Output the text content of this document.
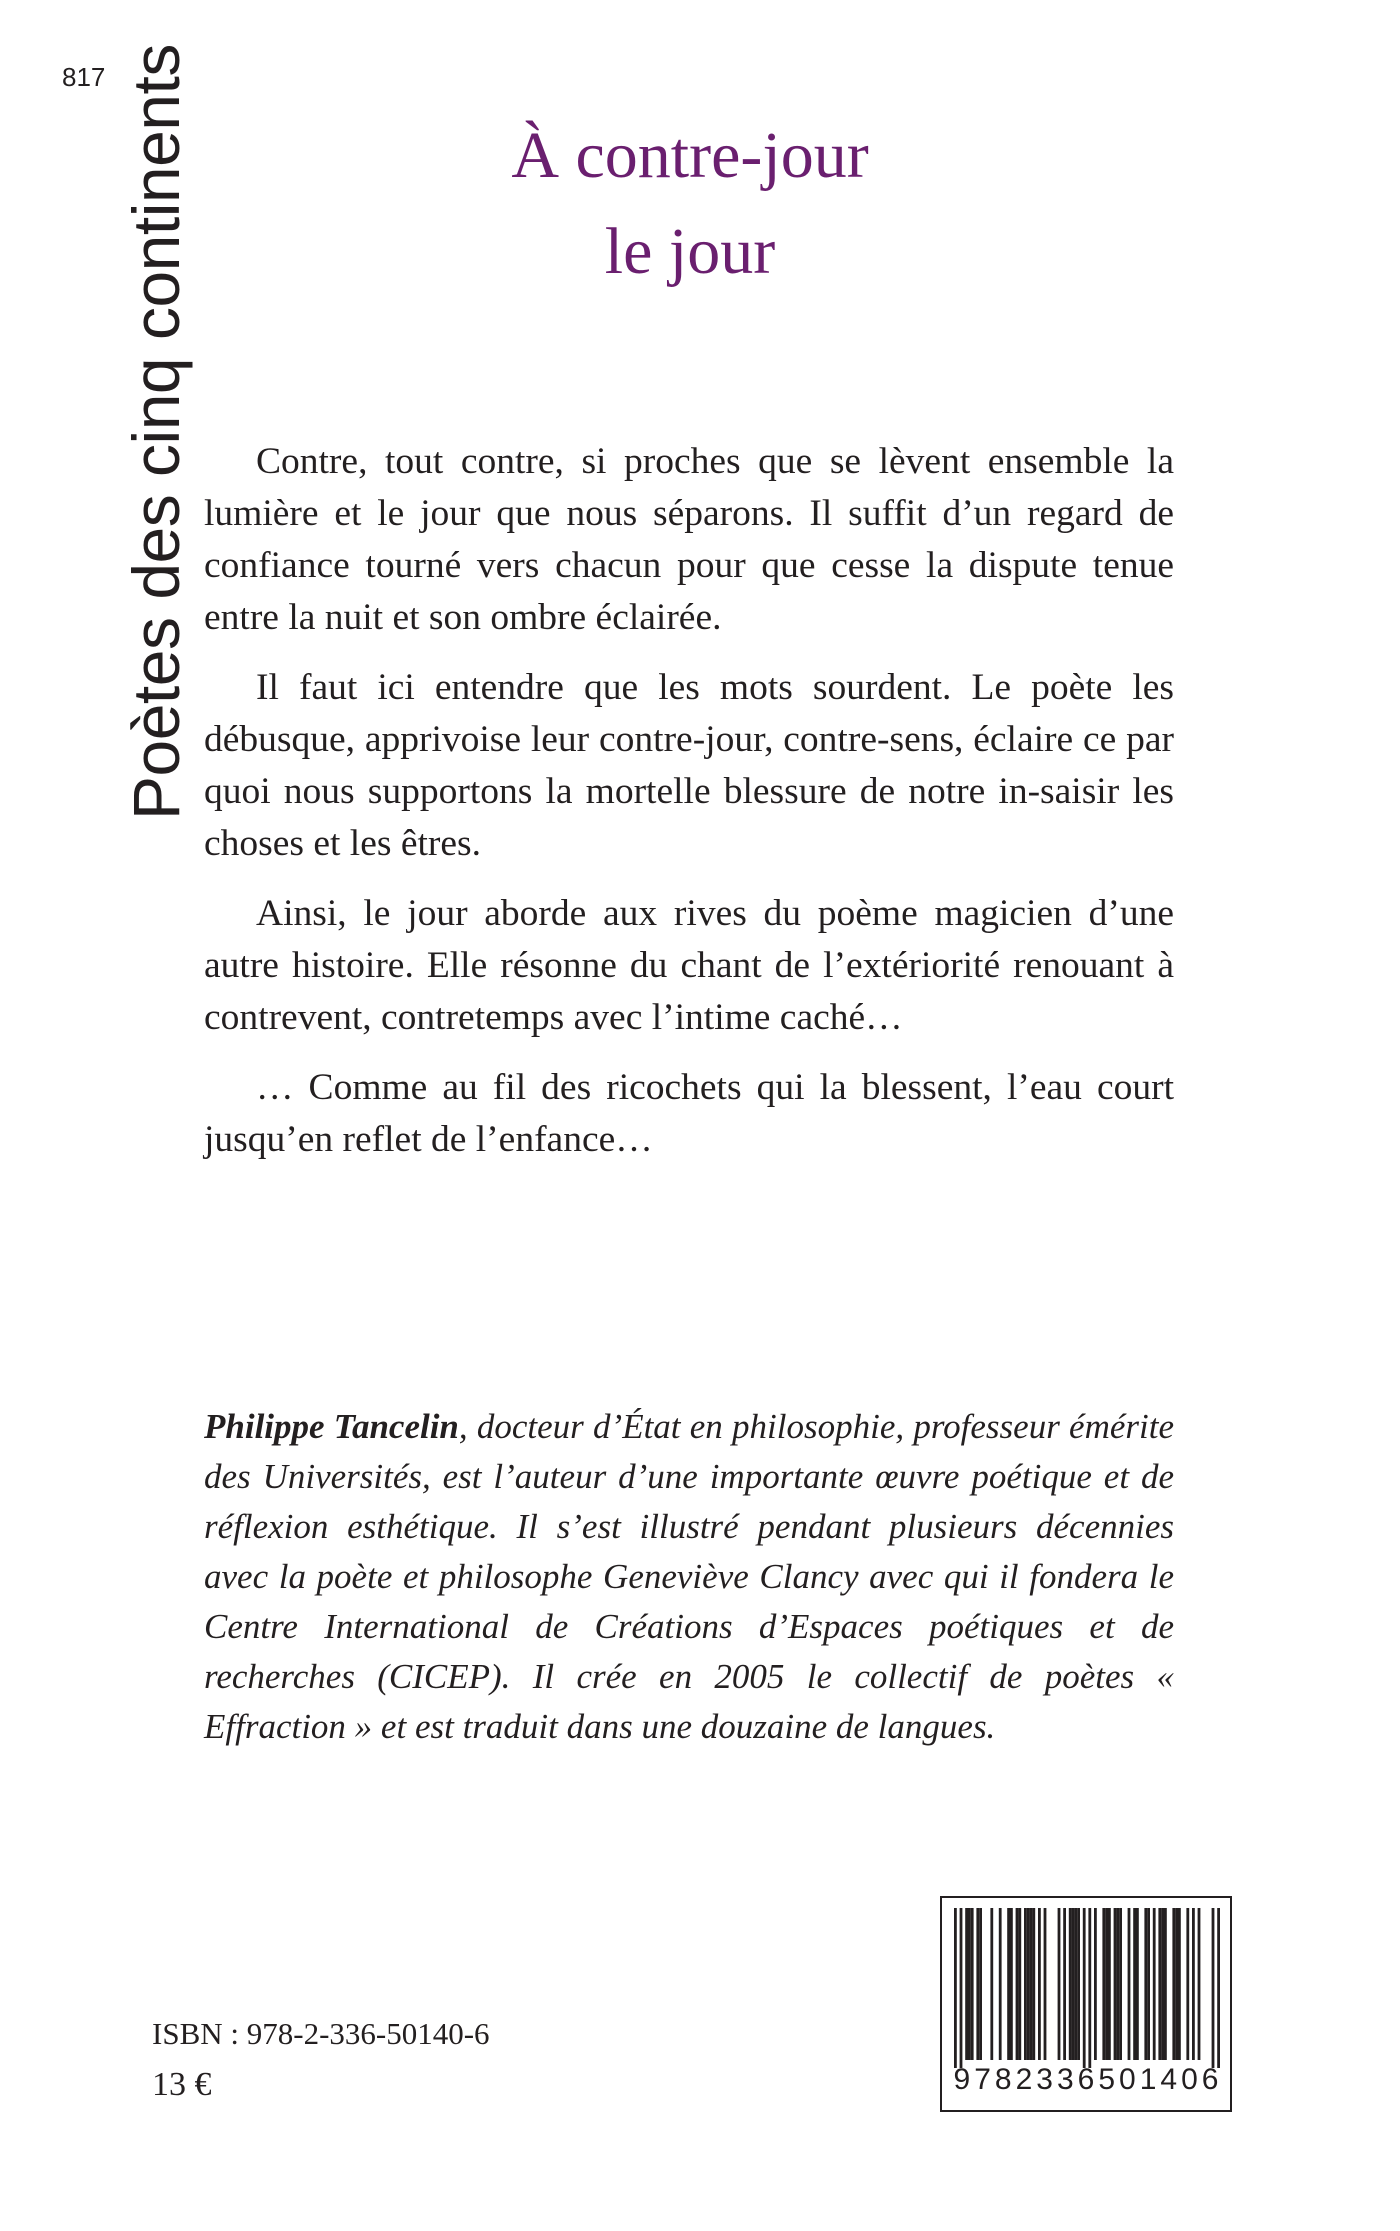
817 Poètes des cinq continents	À contre-jour
le jour

Contre, tout contre, si proches que se lèvent ensemble la lumière et le jour que nous séparons. Il suffit d’un regard de confiance tourné vers chacun pour que cesse la dispute tenue entre la nuit et son ombre éclairée.

Il faut ici entendre que les mots sourdent. Le poète les débusque, apprivoise leur contre-jour, contre-sens, éclaire ce par quoi nous supportons la mortelle blessure de notre in-saisir les choses et les êtres.

Ainsi, le jour aborde aux rives du poème magicien d’une autre histoire. Elle résonne du chant de l’extériorité renouant à contrevent, contretemps avec l’intime caché…

… Comme au fil des ricochets qui la blessent, l’eau court jusqu’en reflet de l’enfance…

Philippe Tancelin, docteur d’État en philosophie, professeur émérite des Universités, est l’auteur d’une importante œuvre poétique et de réflexion esthétique. Il s’est illustré pendant plusieurs décennies avec la poète et philosophe Geneviève Clancy avec qui il fondera le Centre International de Créations d’Espaces poétiques et de recherches (CICEP). Il crée en 2005 le collectif de poètes « Effraction » et est traduit dans une douzaine de langues.

ISBN : 978-2-336-50140-6
13 €	9782336501406
